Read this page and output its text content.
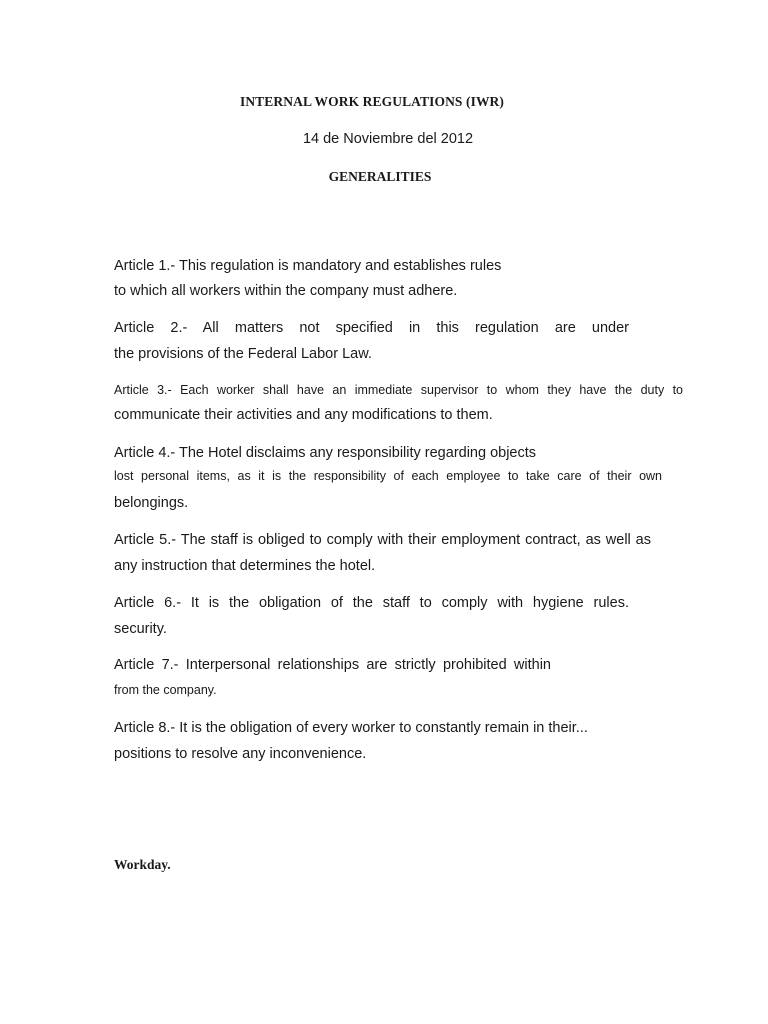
INTERNAL WORK REGULATIONS (IWR)
14 de Noviembre del 2012
GENERALITIES
Article 1.- This regulation is mandatory and establishes rules
to which all workers within the company must adhere.
Article 2.- All matters not specified in this regulation are under
the provisions of the Federal Labor Law.
Article 3.- Each worker shall have an immediate supervisor to whom they have the duty to
communicate their activities and any modifications to them.
Article 4.- The Hotel disclaims any responsibility regarding objects
lost personal items, as it is the responsibility of each employee to take care of their own
belongings.
Article 5.- The staff is obliged to comply with their employment contract, as well as
any instruction that determines the hotel.
Article 6.- It is the obligation of the staff to comply with hygiene rules.
security.
Article 7.- Interpersonal relationships are strictly prohibited within
from the company.
Article 8.- It is the obligation of every worker to constantly remain in their...
positions to resolve any inconvenience.
Workday.
